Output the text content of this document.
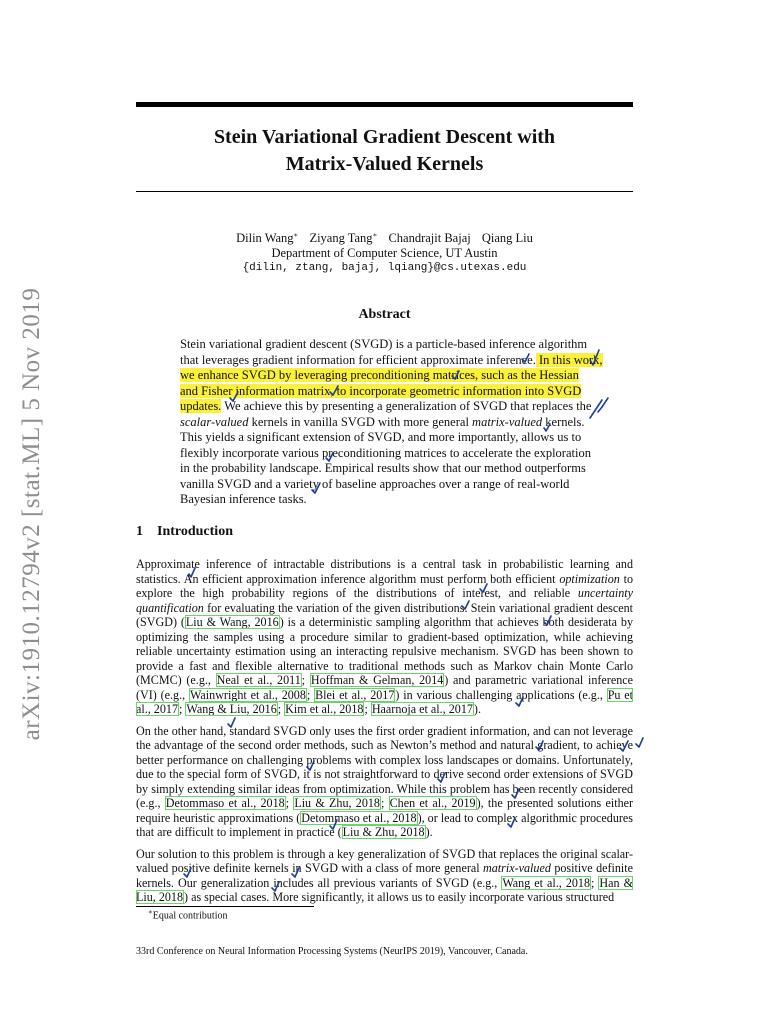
arXiv:1910.12794v2 [stat.ML] 5 Nov 2019
Stein Variational Gradient Descent with
Matrix-Valued Kernels
Dilin Wang∗ Ziyang Tang∗ Chandrajit Bajaj Qiang Liu
Department of Computer Science, UT Austin
{dilin, ztang, bajaj, lqiang}@cs.utexas.edu
Abstract
Stein variational gradient descent (SVGD) is a particle-based inference algorithm
that leverages gradient information for efficient approximate inference. In this work,
we enhance SVGD by leveraging preconditioning matrices, such as the Hessian
and Fisher information matrix, to incorporate geometric information into SVGD
updates. We achieve this by presenting a generalization of SVGD that replaces the
scalar-valued kernels in vanilla SVGD with more general matrix-valued kernels.
This yields a significant extension of SVGD, and more importantly, allows us to
flexibly incorporate various preconditioning matrices to accelerate the exploration
in the probability landscape. Empirical results show that our method outperforms
vanilla SVGD and a variety of baseline approaches over a range of real-world
Bayesian inference tasks.
1 Introduction

Approximate inference of intractable distributions is a central task in probabilistic learning and statistics. An efficient approximation inference algorithm must perform both efficient optimization to explore the high probability regions of the distributions of interest, and reliable uncertainty quantification for evaluating the variation of the given distributions. Stein variational gradient descent (SVGD) (Liu & Wang, 2016) is a deterministic sampling algorithm that achieves both desiderata by optimizing the samples using a procedure similar to gradient-based optimization, while achieving reliable uncertainty estimation using an interacting repulsive mechanism. SVGD has been shown to provide a fast and flexible alternative to traditional methods such as Markov chain Monte Carlo (MCMC) (e.g., Neal et al., 2011; Hoffman & Gelman, 2014) and parametric variational inference (VI) (e.g., Wainwright et al., 2008; Blei et al., 2017) in various challenging applications (e.g., Pu et al., 2017; Wang & Liu, 2016; Kim et al., 2018; Haarnoja et al., 2017).

On the other hand, standard SVGD only uses the first order gradient information, and can not leverage the advantage of the second order methods, such as Newton’s method and natural gradient, to achieve better performance on challenging problems with complex loss landscapes or domains. Unfortunately, due to the special form of SVGD, it is not straightforward to derive second order extensions of SVGD by simply extending similar ideas from optimization. While this problem has been recently considered (e.g., Detommaso et al., 2018; Liu & Zhu, 2018; Chen et al., 2019), the presented solutions either require heuristic approximations (Detommaso et al., 2018), or lead to complex algorithmic procedures that are difficult to implement in practice (Liu & Zhu, 2018).

Our solution to this problem is through a key generalization of SVGD that replaces the original scalar-valued positive definite kernels in SVGD with a class of more general matrix-valued positive definite kernels. Our generalization includes all previous variants of SVGD (e.g., Wang et al., 2018; Han & Liu, 2018) as special cases. More significantly, it allows us to easily incorporate various structured

∗Equal contribution
33rd Conference on Neural Information Processing Systems (NeurIPS 2019), Vancouver, Canada.
